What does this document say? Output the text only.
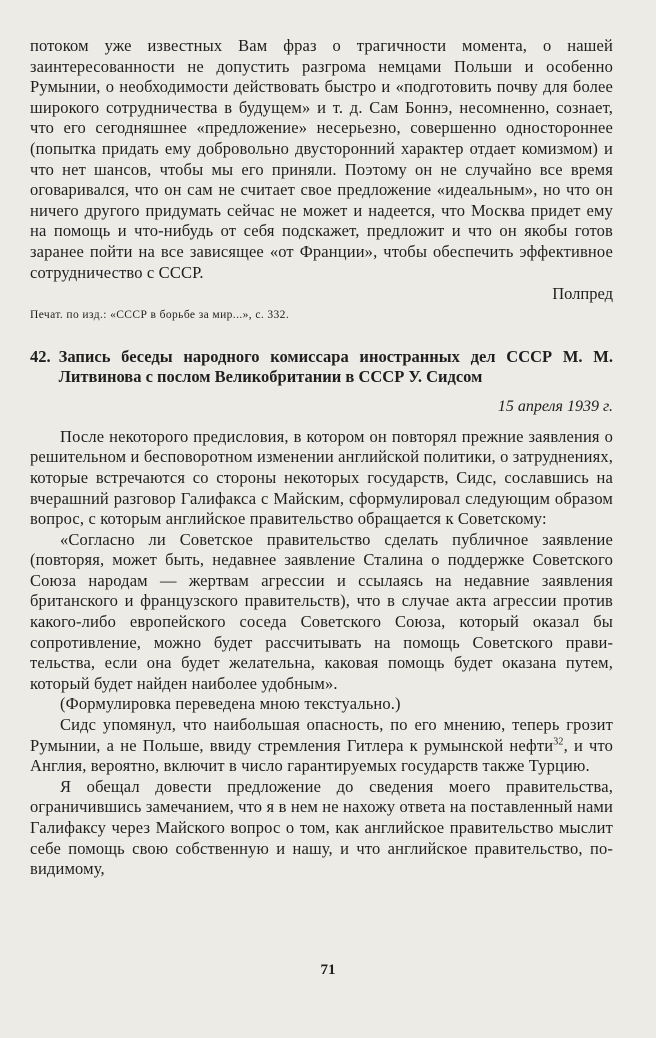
потоком уже известных Вам фраз о трагичности момента, о нашей заинтересованности не допустить разгрома немцами Польши и особенно Румынии, о необходимости действовать быстро и «подготовить почву для более широкого сотрудничества в будущем» и т. д. Сам Боннэ, несомненно, сознает, что его сегодняшнее «предложение» несерьезно, совершенно одностороннее (попытка придать ему добровольно двусторонний характер отдает комизмом) и что нет шансов, чтобы мы его приняли. Поэтому он не случайно все время оговаривался, что он сам не считает свое предложение «идеальным», но что он ничего другого придумать сейчас не может и надеется, что Москва придет ему на помощь и что-нибудь от себя подскажет, предложит и что он якобы готов заранее пойти на все зависящее «от Франции», чтобы обеспечить эффективное сотрудничество с СССР.

Полпред
Печат. по изд.: «СССР в борьбе за мир...», с. 332.
42. Запись беседы народного комиссара иностранных дел СССР М. М. Литвинова с послом Великобритании в СССР У. Сидсом
15 апреля 1939 г.

После некоторого предисловия, в котором он повторял прежние заявления о решительном и бесповоротном изменении английской политики, о затруднениях, которые встречаются со стороны некоторых государств, Сидс, сославшись на вчерашний разговор Галифакса с Майским, сформулировал следующим образом вопрос, с которым английское правительство обращается к Советскому:

«Согласно ли Советское правительство сделать публичное заявление (повторяя, может быть, недавнее заявление Сталина о поддержке Советского Союза народам — жертвам агрессии и ссылаясь на недавние заявления британского и французского правительств), что в случае акта агрессии против какого-либо европейского соседа Советского Союза, который оказал бы сопротивление, можно будет рассчитывать на помощь Советского правительства, если она будет желательна, каковая помощь будет оказана путем, который будет найден наиболее удобным».

(Формулировка переведена мною текстуально.)

Сидс упомянул, что наибольшая опасность, по его мнению, теперь грозит Румынии, а не Польше, ввиду стремления Гитлера к румынской нефти$^{32}$, и что Англия, вероятно, включит в число гарантируемых государств также Турцию.

Я обещал довести предложение до сведения моего правительства, ограничившись замечанием, что я в нем не нахожу ответа на поставленный нами Галифаксу через Майского вопрос о том, как английское правительство мыслит себе помощь свою собственную и нашу, и что английское правительство, по-видимому,

71
